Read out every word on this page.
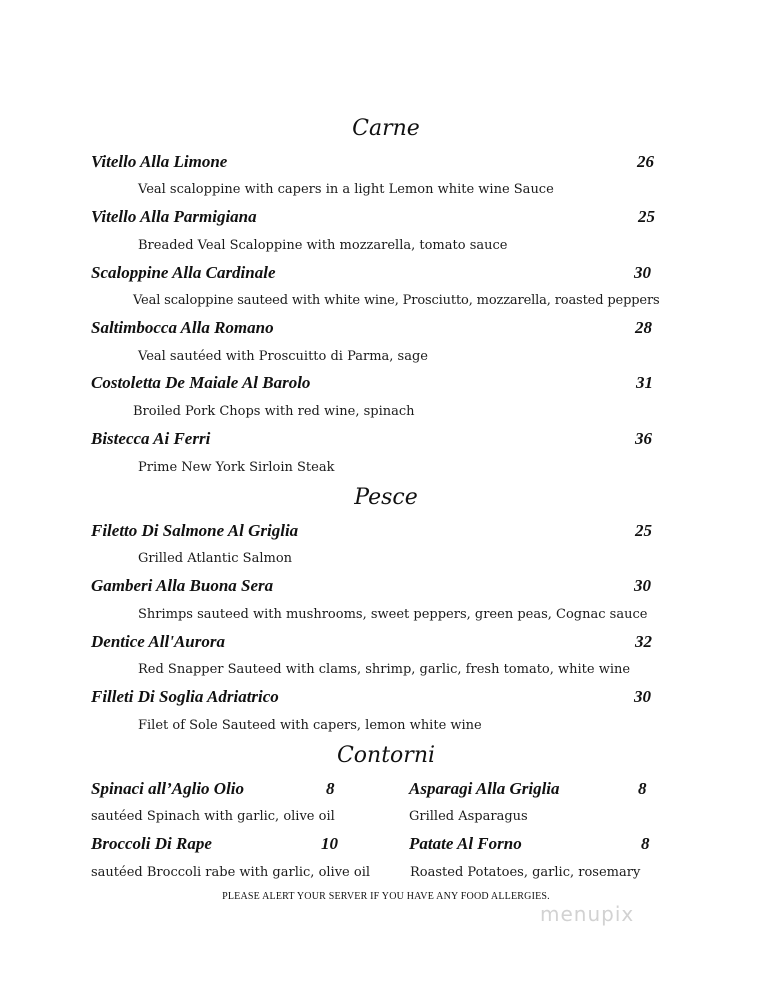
Carne
Pesce
Contorni
Vitello Alla Limone	26
Veal scaloppine with capers in a light Lemon white wine Sauce
Vitello Alla Parmigiana	25
Breaded Veal Scaloppine with mozzarella, tomato sauce
Scaloppine Alla Cardinale	30
Veal scaloppine sauteed with white wine, Prosciutto, mozzarella, roasted peppers
Saltimbocca Alla Romano	28
Veal sautéed with Proscuitto di Parma, sage
Costoletta De Maiale Al Barolo	31
Broiled Pork Chops with red wine, spinach
Bistecca Ai Ferri	36
Prime New York Sirloin Steak
Filetto Di Salmone Al Griglia	25
Grilled Atlantic Salmon
Gamberi Alla Buona Sera	30
Shrimps sauteed with mushrooms, sweet peppers, green peas, Cognac sauce
Dentice All'Aurora	32
Red Snapper Sauteed with clams, shrimp, garlic, fresh tomato, white wine
Filleti Di Soglia Adriatrico	30
Filet of Sole Sauteed with capers, lemon white wine
Spinaci all’Aglio Olio	8
sautéed Spinach with garlic, olive oil
Asparagi Alla Griglia	8
Grilled Asparagus
Broccoli Di Rape	10
sautéed Broccoli rabe with garlic, olive oil
Patate Al Forno	8
Roasted Potatoes, garlic, rosemary
PLEASE ALERT YOUR SERVER IF YOU HAVE ANY FOOD ALLERGIES.
menupix
